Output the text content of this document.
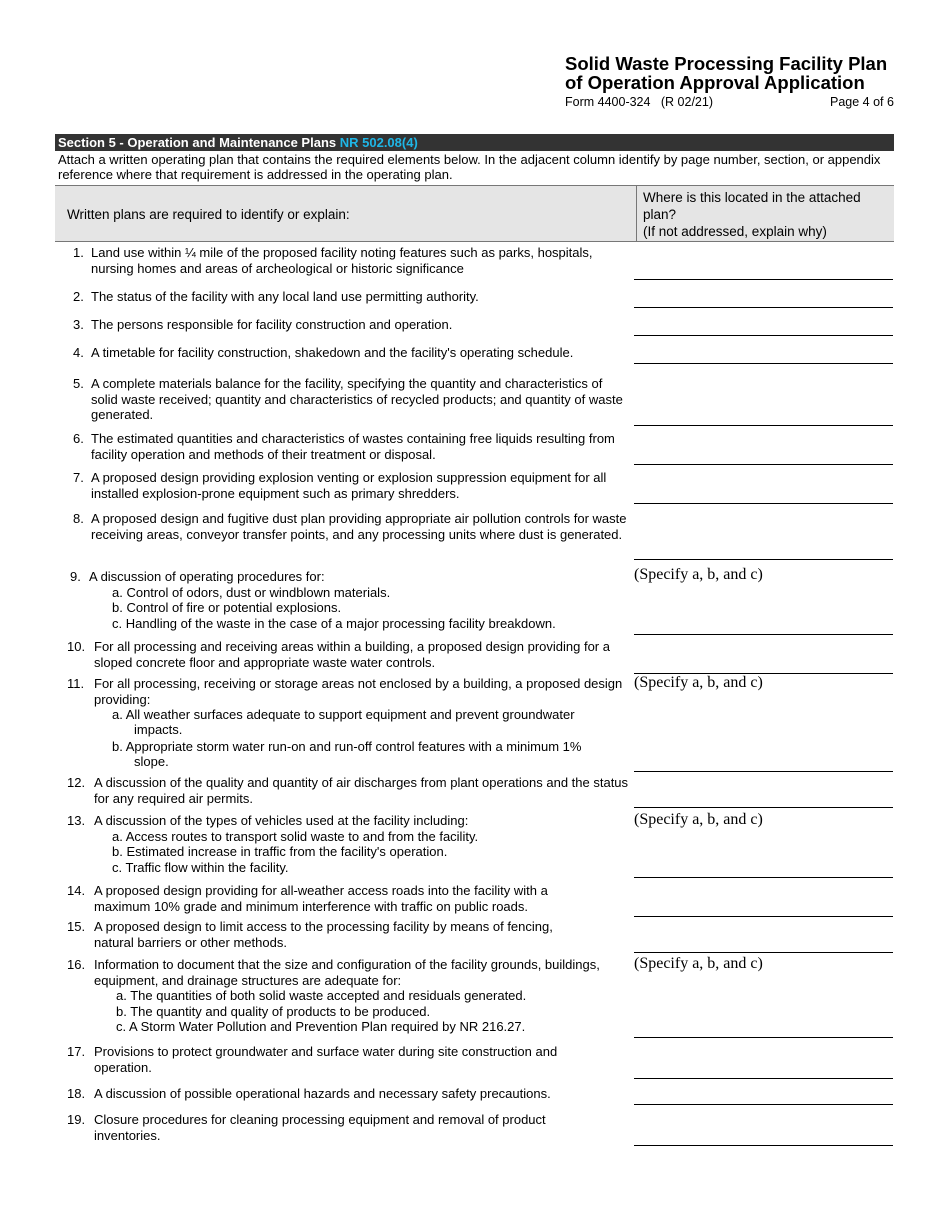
Solid Waste Processing Facility Plan
of Operation Approval Application
Form 4400-324   (R 02/21)	Page 4 of 6
Section 5 - Operation and Maintenance Plans NR 502.08(4)
Attach a written operating plan that contains the required elements below. In the adjacent column identify by page number, section, or appendix reference where that requirement is addressed in the operating plan.
Written plans are required to identify or explain:
Where is this located in the attached plan?
(If not addressed, explain why)
1. Land use within ¼ mile of the proposed facility noting features such as parks, hospitals, nursing homes and areas of archeological or historic significance
2. The status of the facility with any local land use permitting authority.
3. The persons responsible for facility construction and operation.
4. A timetable for facility construction, shakedown and the facility's operating schedule.
5. A complete materials balance for the facility, specifying the quantity and characteristics of solid waste received; quantity and characteristics of recycled products; and quantity of waste generated.
6. The estimated quantities and characteristics of wastes containing free liquids resulting from facility operation and methods of their treatment or disposal.
7. A proposed design providing explosion venting or explosion suppression equipment for all installed explosion-prone equipment such as primary shredders.
8. A proposed design and fugitive dust plan providing appropriate air pollution controls for waste receiving areas, conveyor transfer points, and any processing units where dust is generated.
9. A discussion of operating procedures for:
a. Control of odors, dust or windblown materials.
b. Control of fire or potential explosions.
c. Handling of the waste in the case of a major processing facility breakdown.
(Specify a, b, and c)
10. For all processing and receiving areas within a building, a proposed design providing for a sloped concrete floor and appropriate waste water controls.
11. For all processing, receiving or storage areas not enclosed by a building, a proposed design providing:
a. All weather surfaces adequate to support equipment and prevent groundwater
impacts.
b. Appropriate storm water run-on and run-off control features with a minimum 1%
slope.
(Specify a, b, and c)
12. A discussion of the quality and quantity of air discharges from plant operations and the status for any required air permits.
13. A discussion of the types of vehicles used at the facility including:
a. Access routes to transport solid waste to and from the facility.
b. Estimated increase in traffic from the facility's operation.
c. Traffic flow within the facility.
(Specify a, b, and c)
14. A proposed design providing for all-weather access roads into the facility with a maximum 10% grade and minimum interference with traffic on public roads.
15. A proposed design to limit access to the processing facility by means of fencing, natural barriers or other methods.
16. Information to document that the size and configuration of the facility grounds, buildings, equipment, and drainage structures are adequate for:
a. The quantities of both solid waste accepted and residuals generated.
b. The quantity and quality of products to be produced.
c. A Storm Water Pollution and Prevention Plan required by NR 216.27.
(Specify a, b, and c)
17. Provisions to protect groundwater and surface water during site construction and operation.
18. A discussion of possible operational hazards and necessary safety precautions.
19. Closure procedures for cleaning processing equipment and removal of product inventories.
